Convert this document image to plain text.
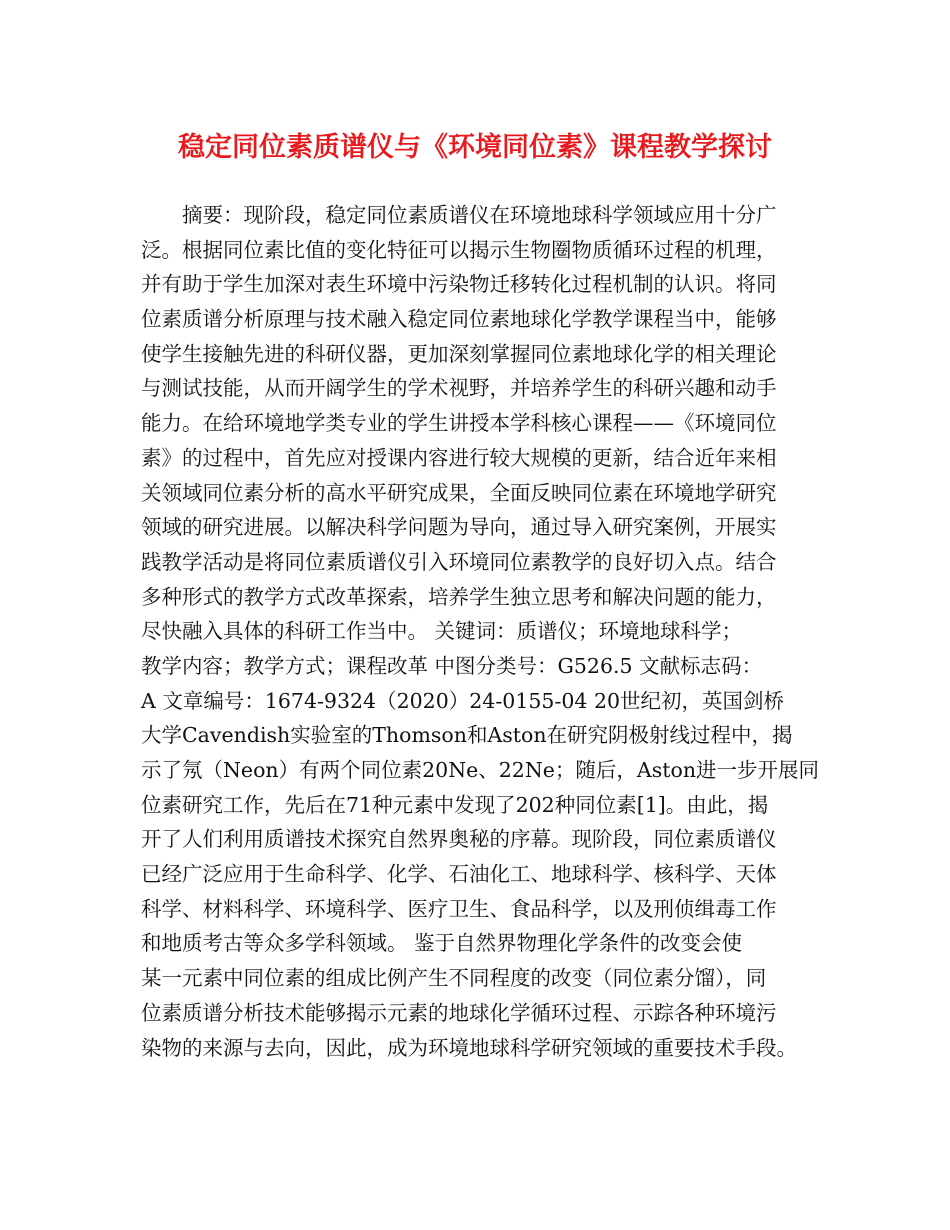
稳定同位素质谱仪与《环境同位素》课程教学探讨
摘要：现阶段，稳定同位素质谱仪在环境地球科学领域应用十分广
泛。根据同位素比值的变化特征可以揭示生物圈物质循环过程的机理，
并有助于学生加深对表生环境中污染物迁移转化过程机制的认识。将同
位素质谱分析原理与技术融入稳定同位素地球化学教学课程当中，能够
使学生接触先进的科研仪器，更加深刻掌握同位素地球化学的相关理论
与测试技能，从而开阔学生的学术视野，并培养学生的科研兴趣和动手
能力。在给环境地学类专业的学生讲授本学科核心课程——《环境同位
素》的过程中，首先应对授课内容进行较大规模的更新，结合近年来相
关领域同位素分析的高水平研究成果，全面反映同位素在环境地学研究
领域的研究进展。以解决科学问题为导向，通过导入研究案例，开展实
践教学活动是将同位素质谱仪引入环境同位素教学的良好切入点。结合
多种形式的教学方式改革探索，培养学生独立思考和解决问题的能力，
尽快融入具体的科研工作当中。 关键词：质谱仪；环境地球科学；
教学内容；教学方式；课程改革 中图分类号：G526.5 文献标志码：
A 文章编号：1674-9324（2020）24-0155-04 20世纪初，英国剑桥
大学Cavendish实验室的Thomson和Aston在研究阴极射线过程中，揭
示了氖（Neon）有两个同位素20Ne、22Ne；随后，Aston进一步开展同
位素研究工作，先后在71种元素中发现了202种同位素[1]。由此，揭
开了人们利用质谱技术探究自然界奥秘的序幕。现阶段，同位素质谱仪
已经广泛应用于生命科学、化学、石油化工、地球科学、核科学、天体
科学、材料科学、环境科学、医疗卫生、食品科学，以及刑侦缉毒工作
和地质考古等众多学科领域。 鉴于自然界物理化学条件的改变会使
某一元素中同位素的组成比例产生不同程度的改变（同位素分馏），同
位素质谱分析技术能够揭示元素的地球化学循环过程、示踪各种环境污
染物的来源与去向，因此，成为环境地球科学研究领域的重要技术手段。
